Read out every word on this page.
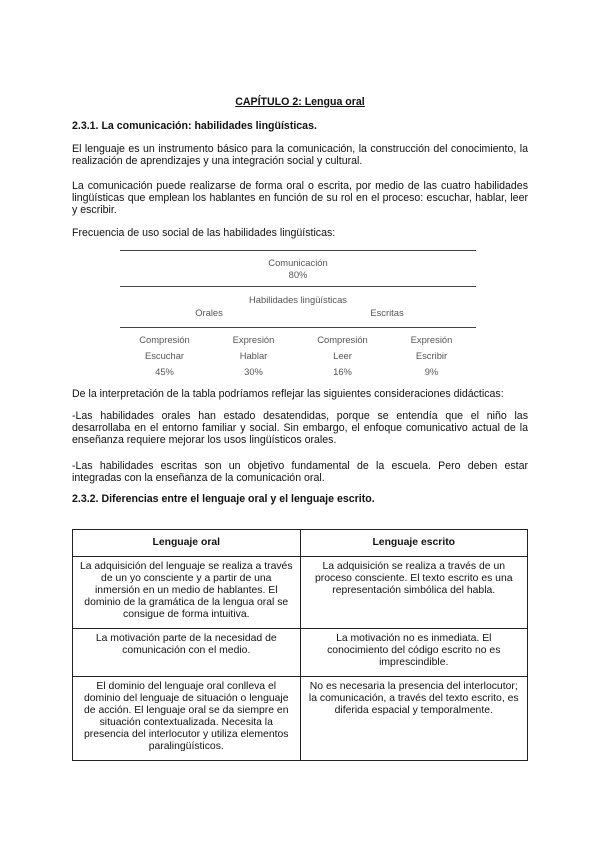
CAPÍTULO 2: Lengua oral
2.3.1. La comunicación: habilidades lingüísticas.
El lenguaje es un instrumento básico para la comunicación, la construcción del conocimiento, la realización de aprendizajes y una integración social y cultural.
La comunicación puede realizarse de forma oral o escrita, por medio de las cuatro habilidades lingüísticas que emplean los hablantes en función de su rol en el proceso: escuchar, hablar, leer y escribir.
Frecuencia de uso social de las habilidades lingüísticas:
Comunicación
80%
Habilidades lingüísticas
Orales	Escritas
Compresión	Expresión	Compresión	Expresión
Escuchar	Hablar	Leer	Escribir
45%	30%	16%	9%
De la interpretación de la tabla podríamos reflejar las siguientes consideraciones didácticas:
-Las habilidades orales han estado desatendidas, porque se entendía que el niño las desarrollaba en el entorno familiar y social. Sin embargo, el enfoque comunicativo actual de la enseñanza requiere mejorar los usos lingüísticos orales.
-Las habilidades escritas son un objetivo fundamental de la escuela. Pero deben estar integradas con la enseñanza de la comunicación oral.
2.3.2. Diferencias entre el lenguaje oral y el lenguaje escrito.
Lenguaje oral	Lenguaje escrito
La adquisición del lenguaje se realiza a través de un yo consciente y a partir de una inmersión en un medio de hablantes. El dominio de la gramática de la lengua oral se consigue de forma intuitiva.	La adquisición se realiza a través de un proceso consciente. El texto escrito es una representación simbólica del habla.
La motivación parte de la necesidad de comunicación con el medio.	La motivación no es inmediata. El conocimiento del código escrito no es imprescindible.
El dominio del lenguaje oral conlleva el dominio del lenguaje de situación o lenguaje de acción. El lenguaje oral se da siempre en situación contextualizada. Necesita la presencia del interlocutor y utiliza elementos paralingüísticos.	No es necesaria la presencia del interlocutor; la comunicación, a través del texto escrito, es diferida espacial y temporalmente.
